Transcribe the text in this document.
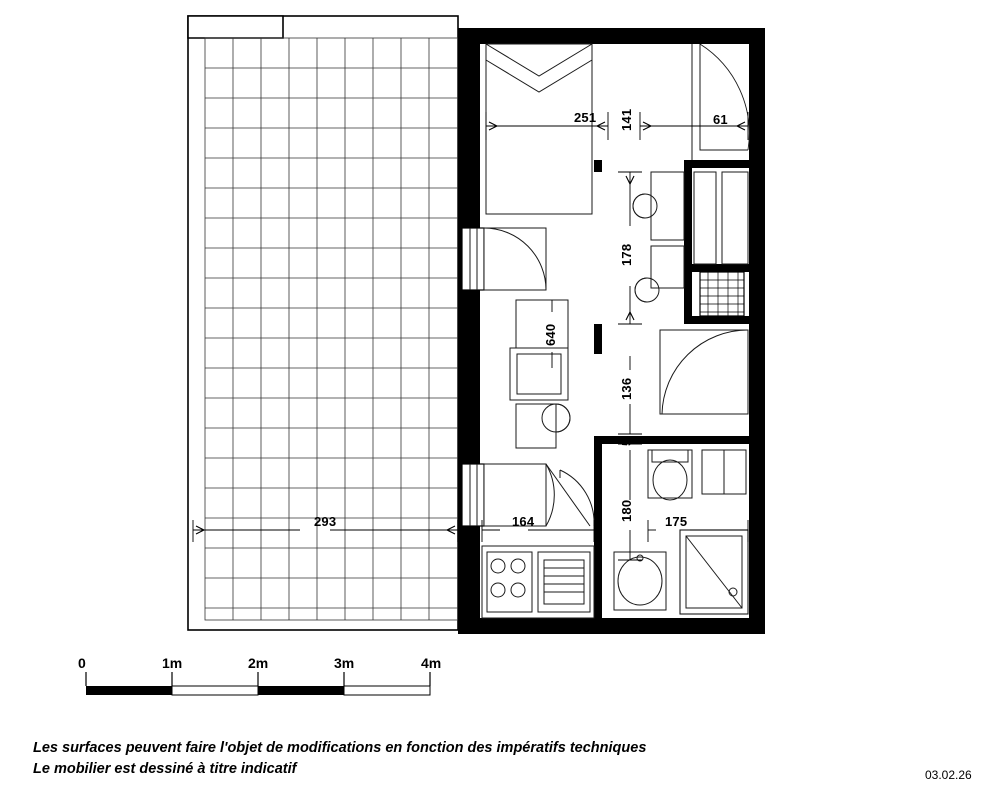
251 141	61
178
640
136
5
293	164	180 175
0	1m	2m	3m	4m
Les surfaces peuvent faire l'objet de modifications en fonction des impératifs techniques
Le mobilier est dessiné à titre indicatif	03.02.26
